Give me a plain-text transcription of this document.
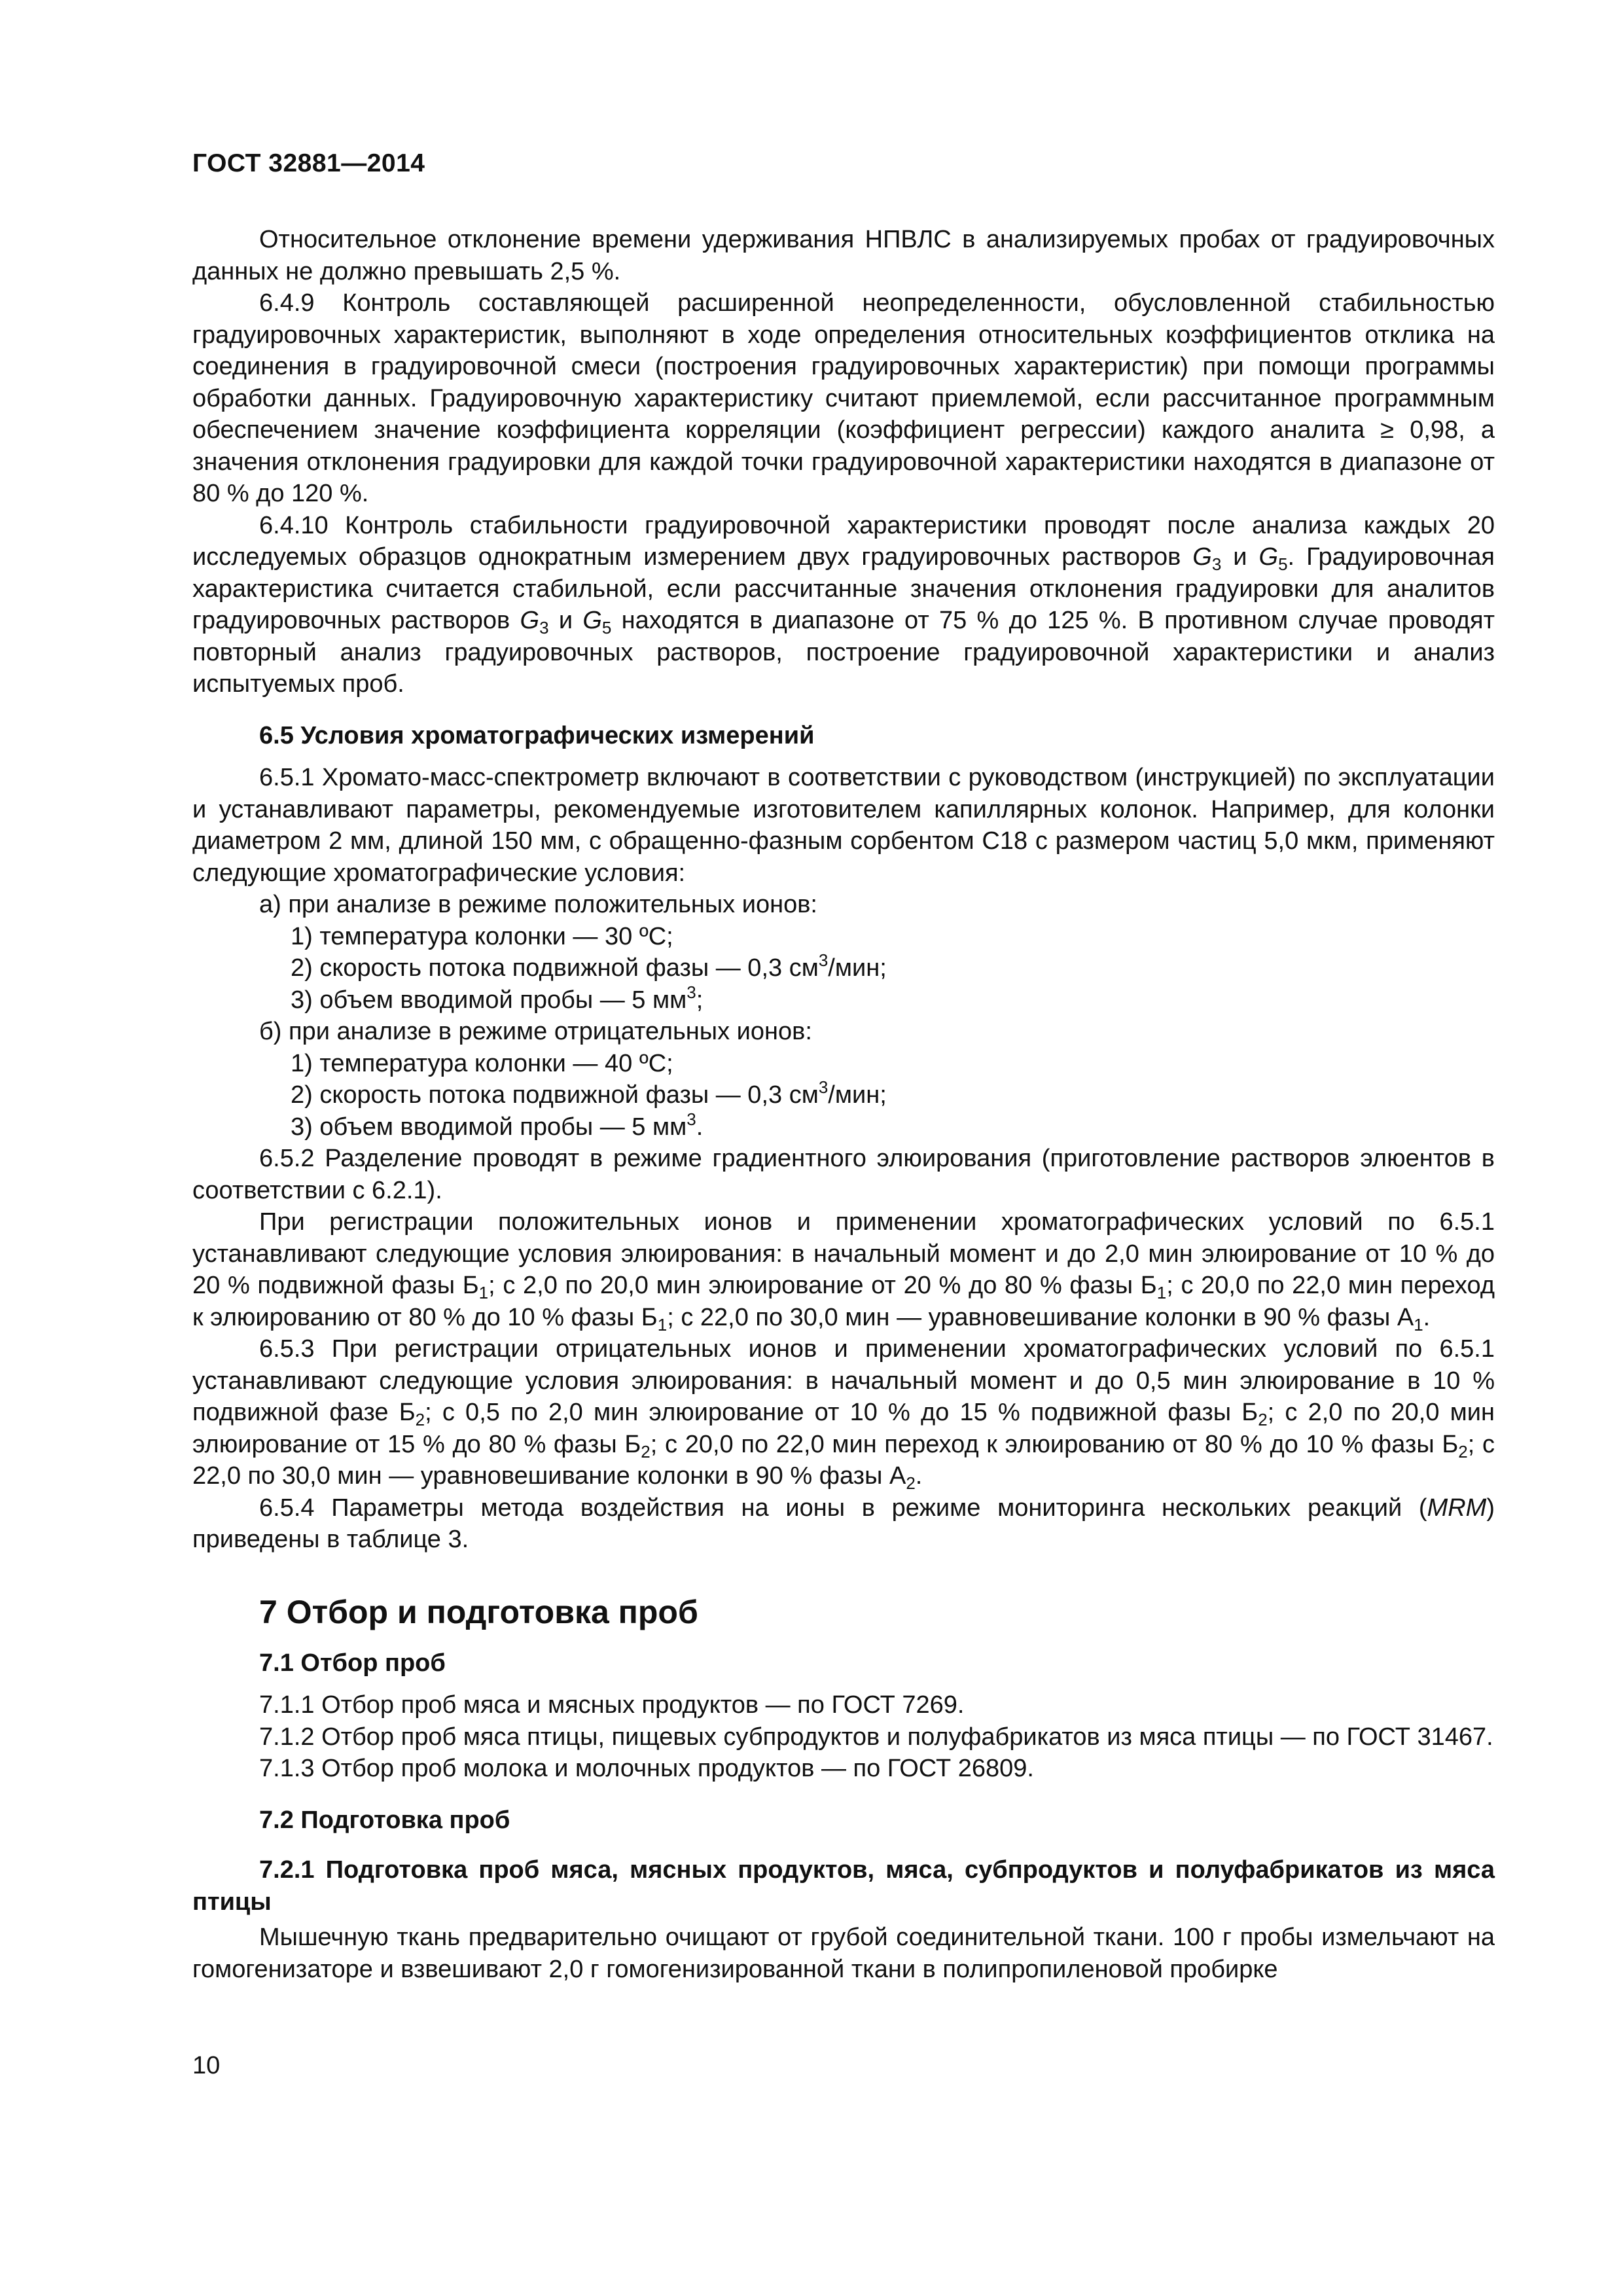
ГОСТ 32881—2014

Относительное отклонение времени удерживания НПВЛС в анализируемых пробах от градуировочных данных не должно превышать 2,5 %.

6.4.9 Контроль составляющей расширенной неопределенности, обусловленной стабильностью градуировочных характеристик, выполняют в ходе определения относительных коэффициентов отклика на соединения в градуировочной смеси (построения градуировочных характеристик) при помощи программы обработки данных. Градуировочную характеристику считают приемлемой, если рассчитанное программным обеспечением значение коэффициента корреляции (коэффициент регрессии) каждого аналита ≥ 0,98, а значения отклонения градуировки для каждой точки градуировочной характеристики находятся в диапазоне от 80 % до 120 %.

6.4.10 Контроль стабильности градуировочной характеристики проводят после анализа каждых 20 исследуемых образцов однократным измерением двух градуировочных растворов $G_3$ и $G_5$. Градуировочная характеристика считается стабильной, если рассчитанные значения отклонения градуировки для аналитов градуировочных растворов $G_3$ и $G_5$ находятся в диапазоне от 75 % до 125 %. В противном случае проводят повторный анализ градуировочных растворов, построение градуировочной характеристики и анализ испытуемых проб.

6.5 Условия хроматографических измерений

6.5.1 Хромато-масс-спектрометр включают в соответствии с руководством (инструкцией) по эксплуатации и устанавливают параметры, рекомендуемые изготовителем капиллярных колонок. Например, для колонки диаметром 2 мм, длиной 150 мм, с обращенно-фазным сорбентом С18 с размером частиц 5,0 мкм, применяют следующие хроматографические условия:

а) при анализе в режиме положительных ионов:

1) температура колонки — 30 ºС;

2) скорость потока подвижной фазы — 0,3 $см^3$/мин;

3) объем вводимой пробы — 5 $мм^3$;

б) при анализе в режиме отрицательных ионов:

1) температура колонки — 40 ºС;

2) скорость потока подвижной фазы — 0,3 $см^3$/мин;

3) объем вводимой пробы — 5 $мм^3$.

6.5.2 Разделение проводят в режиме градиентного элюирования (приготовление растворов элюентов в соответствии с 6.2.1).

При регистрации положительных ионов и применении хроматографических условий по 6.5.1 устанавливают следующие условия элюирования: в начальный момент и до 2,0 мин элюирование от 10 % до 20 % подвижной фазы $Б_1$; с 2,0 по 20,0 мин элюирование от 20 % до 80 % фазы $Б_1$; с 20,0 по 22,0 мин переход к элюированию от 80 % до 10 % фазы $Б_1$; с 22,0 по 30,0 мин — уравновешивание колонки в 90 % фазы $А_1$.

6.5.3 При регистрации отрицательных ионов и применении хроматографических условий по 6.5.1 устанавливают следующие условия элюирования: в начальный момент и до 0,5 мин элюирование в 10 % подвижной фазе $Б_2$; с 0,5 по 2,0 мин элюирование от 10 % до 15 % подвижной фазы $Б_2$; с 2,0 по 20,0 мин элюирование от 15 % до 80 % фазы $Б_2$; с 20,0 по 22,0 мин переход к элюированию от 80 % до 10 % фазы $Б_2$; с 22,0 по 30,0 мин — уравновешивание колонки в 90 % фазы $А_2$.

6.5.4 Параметры метода воздействия на ионы в режиме мониторинга нескольких реакций (MRM) приведены в таблице 3.

7 Отбор и подготовка проб

7.1 Отбор проб

7.1.1 Отбор проб мяса и мясных продуктов — по ГОСТ 7269.

7.1.2 Отбор проб мяса птицы, пищевых субпродуктов и полуфабрикатов из мяса птицы — по ГОСТ 31467.

7.1.3 Отбор проб молока и молочных продуктов — по ГОСТ 26809.

7.2 Подготовка проб

7.2.1 Подготовка проб мяса, мясных продуктов, мяса, субпродуктов и полуфабрикатов из мяса птицы

Мышечную ткань предварительно очищают от грубой соединительной ткани. 100 г пробы измельчают на гомогенизаторе и взвешивают 2,0 г гомогенизированной ткани в полипропиленовой пробирке

10
